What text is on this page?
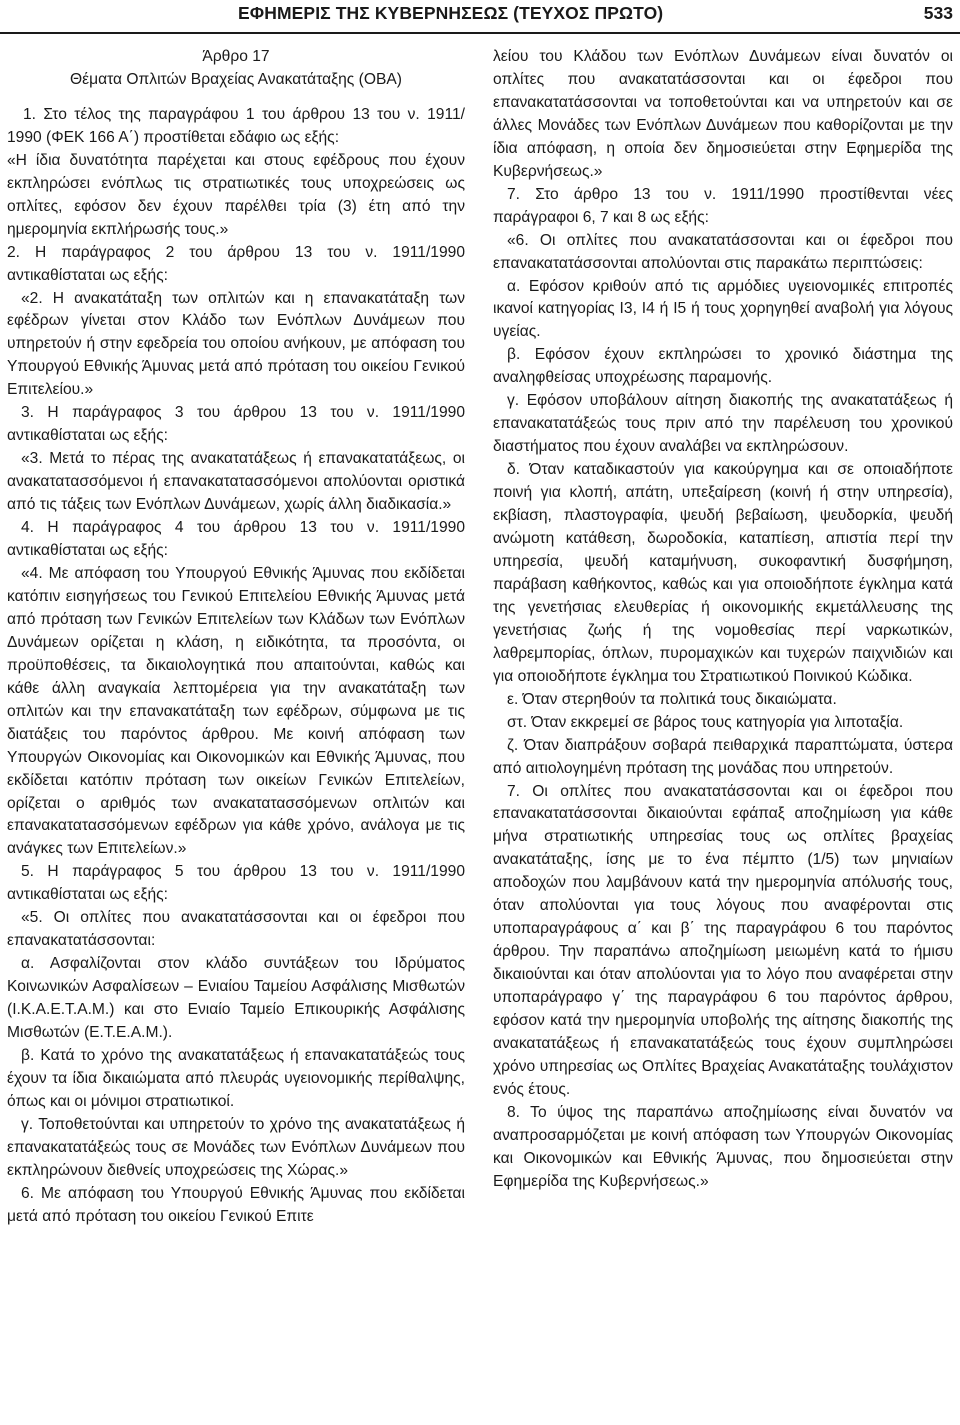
ΕΦΗΜΕΡΙΣ ΤΗΣ ΚΥΒΕΡΝΗΣΕΩΣ (ΤΕΥΧΟΣ ΠΡΩΤΟ)	533

Άρθρο 17

Θέματα Οπλιτών Βραχείας Ανακατάταξης (ΟΒΑ)

1. Στο τέλος της παραγράφου 1 του άρθρου 13 του ν. 1911/ 1990 (ΦΕΚ 166 Α΄) προστίθεται εδάφιο ως εξής:

«Η ίδια δυνατότητα παρέχεται και στους εφέδρους που έχουν εκπληρώσει ενόπλως τις στρατιωτικές τους υποχρεώσεις ως οπλίτες, εφόσον δεν έχουν παρέλθει τρία (3) έτη από την ημερομηνία εκπλήρωσής τους.»

2. Η παράγραφος 2 του άρθρου 13 του ν. 1911/1990 αντικαθίσταται ως εξής:

«2. Η ανακατάταξη των οπλιτών και η επανακατάταξη των εφέδρων γίνεται στον Κλάδο των Ενόπλων Δυνάμεων που υπηρετούν ή στην εφεδρεία του οποίου ανήκουν, με απόφαση του Υπουργού Εθνικής Άμυνας μετά από πρόταση του οικείου Γενικού Επιτελείου.»

3. Η παράγραφος 3 του άρθρου 13 του ν. 1911/1990 αντικαθίσταται ως εξής:

«3. Μετά το πέρας της ανακατατάξεως ή επανακατατάξεως, οι ανακατατασσόμενοι ή επανακατατασσόμενοι απολύονται οριστικά από τις τάξεις των Ενόπλων Δυνάμεων, χωρίς άλλη διαδικασία.»

4. Η παράγραφος 4 του άρθρου 13 του ν. 1911/1990 αντικαθίσταται ως εξής:

«4. Με απόφαση του Υπουργού Εθνικής Άμυνας που εκδίδεται κατόπιν εισηγήσεως του Γενικού Επιτελείου Εθνικής Άμυνας μετά από πρόταση των Γενικών Επιτελείων των Κλάδων των Ενόπλων Δυνάμεων ορίζεται η κλάση, η ειδικότητα, τα προσόντα, οι προϋποθέσεις, τα δικαιολογητικά που απαιτούνται, καθώς και κάθε άλλη αναγκαία λεπτομέρεια για την ανακατάταξη των οπλιτών και την επανακατάταξη των εφέδρων, σύμφωνα με τις διατάξεις του παρόντος άρθρου. Με κοινή απόφαση των Υπουργών Οικονομίας και Οικονομικών και Εθνικής Άμυνας, που εκδίδεται κατόπιν πρόταση των οικείων Γενικών Επιτελείων, ορίζεται ο αριθμός των ανακατατασσόμενων οπλιτών και επανακατατασσόμενων εφέδρων για κάθε χρόνο, ανάλογα με τις ανάγκες των Επιτελείων.»

5. Η παράγραφος 5 του άρθρου 13 του ν. 1911/1990 αντικαθίσταται ως εξής:

«5. Οι οπλίτες που ανακατατάσσονται και οι έφεδροι που επανακατατάσσονται:

α. Ασφαλίζονται στον κλάδο συντάξεων του Ιδρύματος Κοινωνικών Ασφαλίσεων – Ενιαίου Ταμείου Ασφάλισης Μισθωτών (Ι.Κ.Α.Ε.Τ.Α.Μ.) και στο Ενιαίο Ταμείο Επικουρικής Ασφάλισης Μισθωτών (Ε.Τ.Ε.Α.Μ.).

β. Κατά το χρόνο της ανακατατάξεως ή επανακατατάξεώς τους έχουν τα ίδια δικαιώματα από πλευράς υγειονομικής περίθαλψης, όπως και οι μόνιμοι στρατιωτικοί.

γ. Τοποθετούνται και υπηρετούν το χρόνο της ανακατατάξεως ή επανακατατάξεώς τους σε Μονάδες των Ενόπλων Δυνάμεων που εκπληρώνουν διεθνείς υποχρεώσεις της Χώρας.»

6. Με απόφαση του Υπουργού Εθνικής Άμυνας που εκδίδεται μετά από πρόταση του οικείου Γενικού Επιτε

λείου του Κλάδου των Ενόπλων Δυνάμεων είναι δυνατόν οι οπλίτες που ανακατατάσσονται και οι έφεδροι που επανακατατάσσονται να τοποθετούνται και να υπηρετούν και σε άλλες Μονάδες των Ενόπλων Δυνάμεων που καθορίζονται με την ίδια απόφαση, η οποία δεν δημοσιεύεται στην Εφημερίδα της Κυβερνήσεως.»

7. Στο άρθρο 13 του ν. 1911/1990 προστίθενται νέες παράγραφοι 6, 7 και 8 ως εξής:

«6. Οι οπλίτες που ανακατατάσσονται και οι έφεδροι που επανακατατάσσονται απολύονται στις παρακάτω περιπτώσεις:

α. Εφόσον κριθούν από τις αρμόδιες υγειονομικές επιτροπές ικανοί κατηγορίας Ι3, Ι4 ή Ι5 ή τους χορηγηθεί αναβολή για λόγους υγείας.

β. Εφόσον έχουν εκπληρώσει το χρονικό διάστημα της αναληφθείσας υποχρέωσης παραμονής.

γ. Εφόσον υποβάλουν αίτηση διακοπής της ανακατατάξεως ή επανακατατάξεώς τους πριν από την παρέλευση του χρονικού διαστήματος που έχουν αναλάβει να εκπληρώσουν.

δ. Όταν καταδικαστούν για κακούργημα και σε οποιαδήποτε ποινή για κλοπή, απάτη, υπεξαίρεση (κοινή ή στην υπηρεσία), εκβίαση, πλαστογραφία, ψευδή βεβαίωση, ψευδορκία, ψευδή ανώμοτη κατάθεση, δωροδοκία, καταπίεση, απιστία περί την υπηρεσία, ψευδή καταμήνυση, συκοφαντική δυσφήμηση, παράβαση καθήκοντος, καθώς και για οποιοδήποτε έγκλημα κατά της γενετήσιας ελευθερίας ή οικονομικής εκμετάλλευσης της γενετήσιας ζωής ή της νομοθεσίας περί ναρκωτικών, λαθρεμπορίας, όπλων, πυρομαχικών και τυχερών παιχνιδιών και για οποιοδήποτε έγκλημα του Στρατιωτικού Ποινικού Κώδικα.

ε. Όταν στερηθούν τα πολιτικά τους δικαιώματα.

στ. Όταν εκκρεμεί σε βάρος τους κατηγορία για λιποταξία.

ζ. Όταν διαπράξουν σοβαρά πειθαρχικά παραπτώματα, ύστερα από αιτιολογημένη πρόταση της μονάδας που υπηρετούν.

7. Οι οπλίτες που ανακατατάσσονται και οι έφεδροι που επανακατατάσσονται δικαιούνται εφάπαξ αποζημίωση για κάθε μήνα στρατιωτικής υπηρεσίας τους ως οπλίτες βραχείας ανακατάταξης, ίσης με το ένα πέμπτο (1/5) των μηνιαίων αποδοχών που λαμβάνουν κατά την ημερομηνία απόλυσής τους, όταν απολύονται για τους λόγους που αναφέρονται στις υποπαραγράφους α΄ και β΄ της παραγράφου 6 του παρόντος άρθρου. Την παραπάνω αποζημίωση μειωμένη κατά το ήμισυ δικαιούνται και όταν απολύονται για το λόγο που αναφέρεται στην υποπαράγραφο γ΄ της παραγράφου 6 του παρόντος άρθρου, εφόσον κατά την ημερομηνία υποβολής της αίτησης διακοπής της ανακατατάξεως ή επανακατατάξεώς τους έχουν συμπληρώσει χρόνο υπηρεσίας ως Οπλίτες Βραχείας Ανακατάταξης τουλάχιστον ενός έτους.

8. Το ύψος της παραπάνω αποζημίωσης είναι δυνατόν να αναπροσαρμόζεται με κοινή απόφαση των Υπουργών Οικονομίας και Οικονομικών και Εθνικής Άμυνας, που δημοσιεύεται στην Εφημερίδα της Κυβερνήσεως.»
